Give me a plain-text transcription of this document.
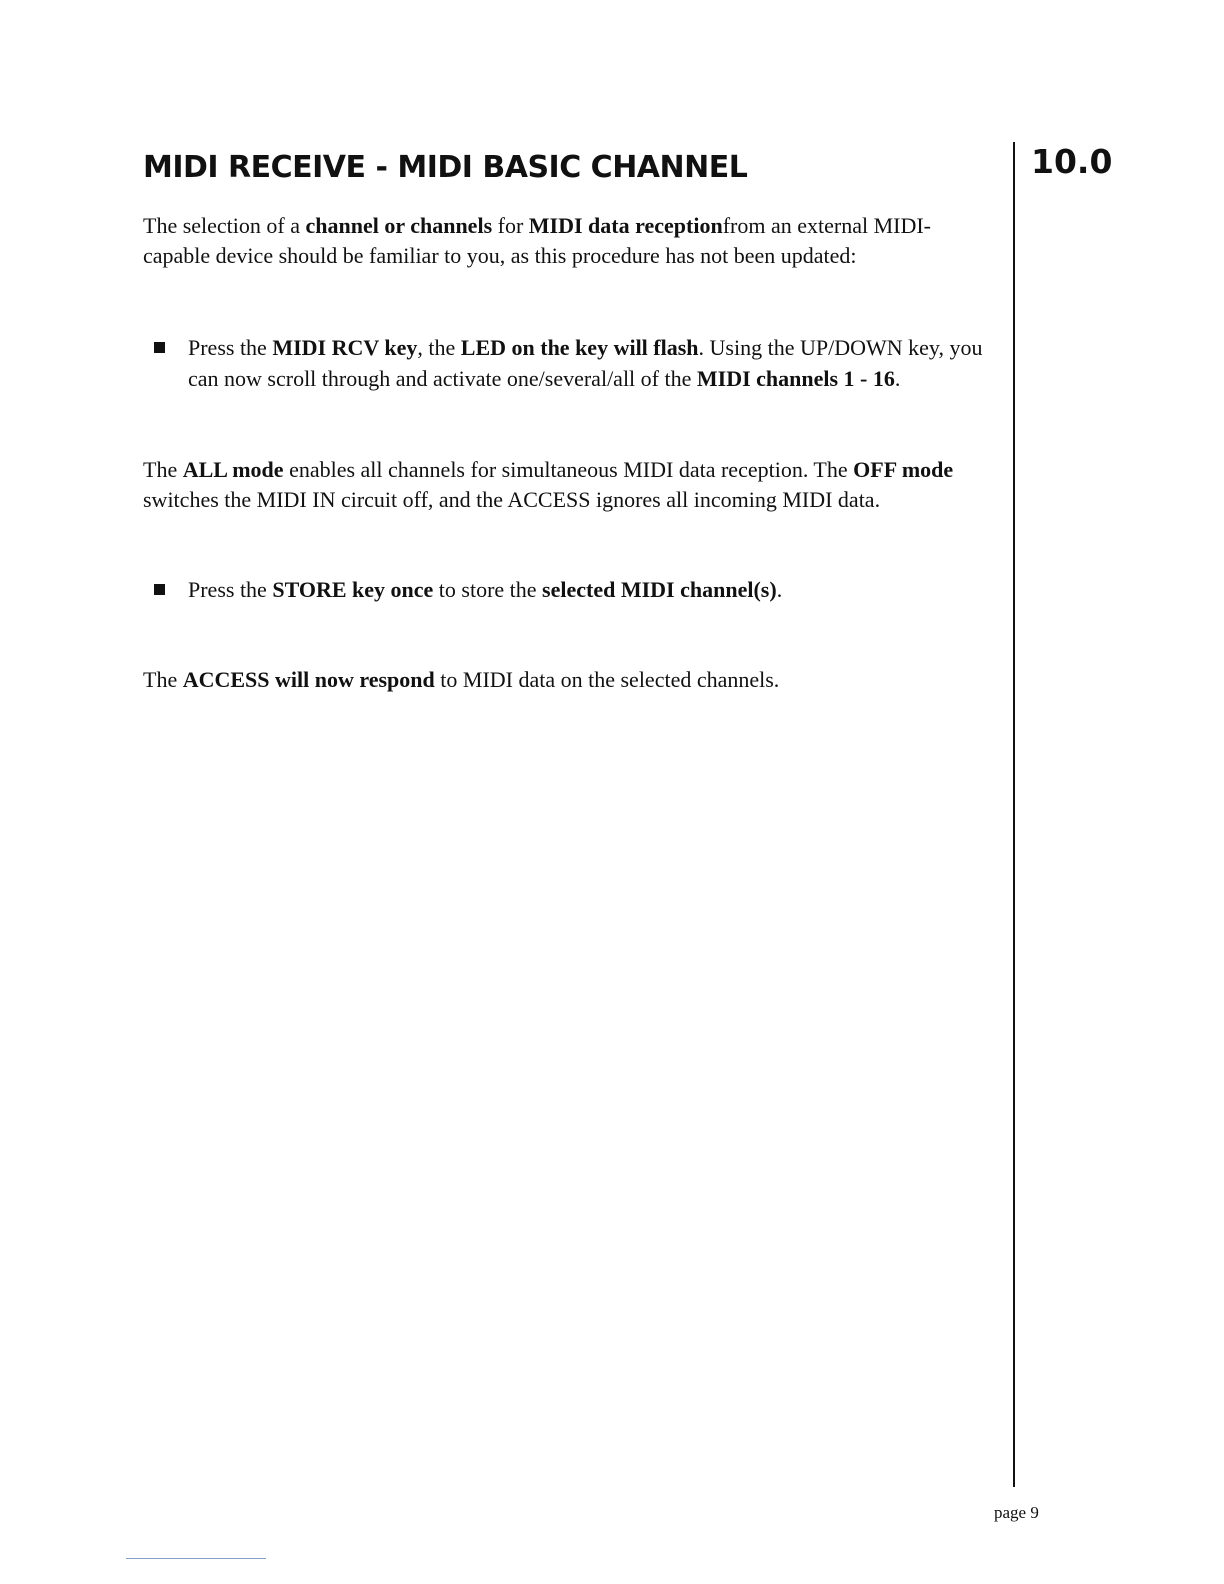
MIDI RECEIVE - MIDI BASIC CHANNEL	10.0

The selection of a channel or channels for MIDI data receptionfrom an external MIDI-capable device should be familiar to you, as this procedure has not been updated:

Press the MIDI RCV key, the LED on the key will flash. Using the UP/DOWN key, you can now scroll through and activate one/several/all of the MIDI channels 1 - 16.

The ALL mode enables all channels for simultaneous MIDI data reception. The OFF mode switches the MIDI IN circuit off, and the ACCESS ignores all incoming MIDI data.

Press the STORE key once to store the selected MIDI channel(s).

The ACCESS will now respond to MIDI data on the selected channels.

page 9
